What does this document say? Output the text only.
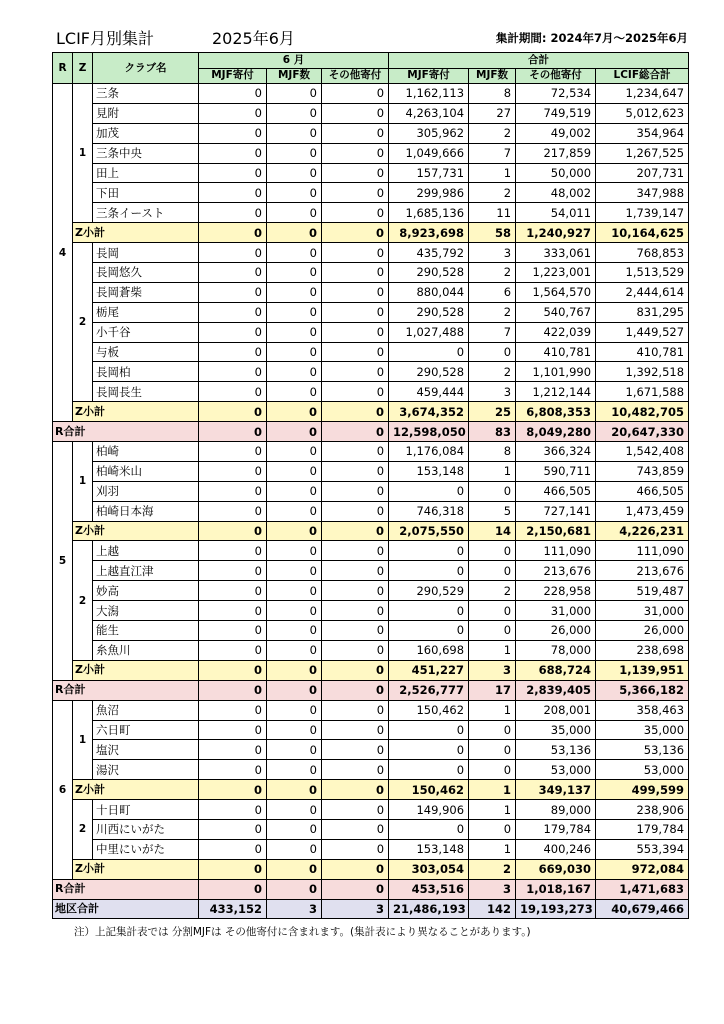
LCIF月別集計	2025年6月	集計期間: 2024年7月～2025年6月
R	Z	クラブ名	6 月			合計			
			MJF寄付	MJF数	その他寄付	MJF寄付	MJF数	その他寄付	LCIF総合計
4	1	三条	0	0	0	1,162,113	8	72,534	1,234,647
		見附	0	0	0	4,263,104	27	749,519	5,012,623
		加茂	0	0	0	305,962	2	49,002	354,964
		三条中央	0	0	0	1,049,666	7	217,859	1,267,525
		田上	0	0	0	157,731	1	50,000	207,731
		下田	0	0	0	299,986	2	48,002	347,988
		三条イースト	0	0	0	1,685,136	11	54,011	1,739,147
	Z小計		0	0	0	8,923,698	58	1,240,927	10,164,625
	2	長岡	0	0	0	435,792	3	333,061	768,853
		長岡悠久	0	0	0	290,528	2	1,223,001	1,513,529
		長岡蒼柴	0	0	0	880,044	6	1,564,570	2,444,614
		栃尾	0	0	0	290,528	2	540,767	831,295
		小千谷	0	0	0	1,027,488	7	422,039	1,449,527
		与板	0	0	0	0	0	410,781	410,781
		長岡柏	0	0	0	290,528	2	1,101,990	1,392,518
		長岡長生	0	0	0	459,444	3	1,212,144	1,671,588
	Z小計		0	0	0	3,674,352	25	6,808,353	10,482,705
R合計			0	0	0	12,598,050	83	8,049,280	20,647,330
5	1	柏崎	0	0	0	1,176,084	8	366,324	1,542,408
		柏崎米山	0	0	0	153,148	1	590,711	743,859
		刈羽	0	0	0	0	0	466,505	466,505
		柏崎日本海	0	0	0	746,318	5	727,141	1,473,459
	Z小計		0	0	0	2,075,550	14	2,150,681	4,226,231
	2	上越	0	0	0	0	0	111,090	111,090
		上越直江津	0	0	0	0	0	213,676	213,676
		妙高	0	0	0	290,529	2	228,958	519,487
		大潟	0	0	0	0	0	31,000	31,000
		能生	0	0	0	0	0	26,000	26,000
		糸魚川	0	0	0	160,698	1	78,000	238,698
	Z小計		0	0	0	451,227	3	688,724	1,139,951
R合計			0	0	0	2,526,777	17	2,839,405	5,366,182
6	1	魚沼	0	0	0	150,462	1	208,001	358,463
		六日町	0	0	0	0	0	35,000	35,000
		塩沢	0	0	0	0	0	53,136	53,136
		湯沢	0	0	0	0	0	53,000	53,000
	Z小計		0	0	0	150,462	1	349,137	499,599
	2	十日町	0	0	0	149,906	1	89,000	238,906
		川西にいがた	0	0	0	0	0	179,784	179,784
		中里にいがた	0	0	0	153,148	1	400,246	553,394
	Z小計		0	0	0	303,054	2	669,030	972,084
R合計			0	0	0	453,516	3	1,018,167	1,471,683
地区合計			433,152	3	3	21,486,193	142	19,193,273	40,679,466
注）上記集計表では 分割MJFは その他寄付に含まれます。(集計表により異なることがあります。)
